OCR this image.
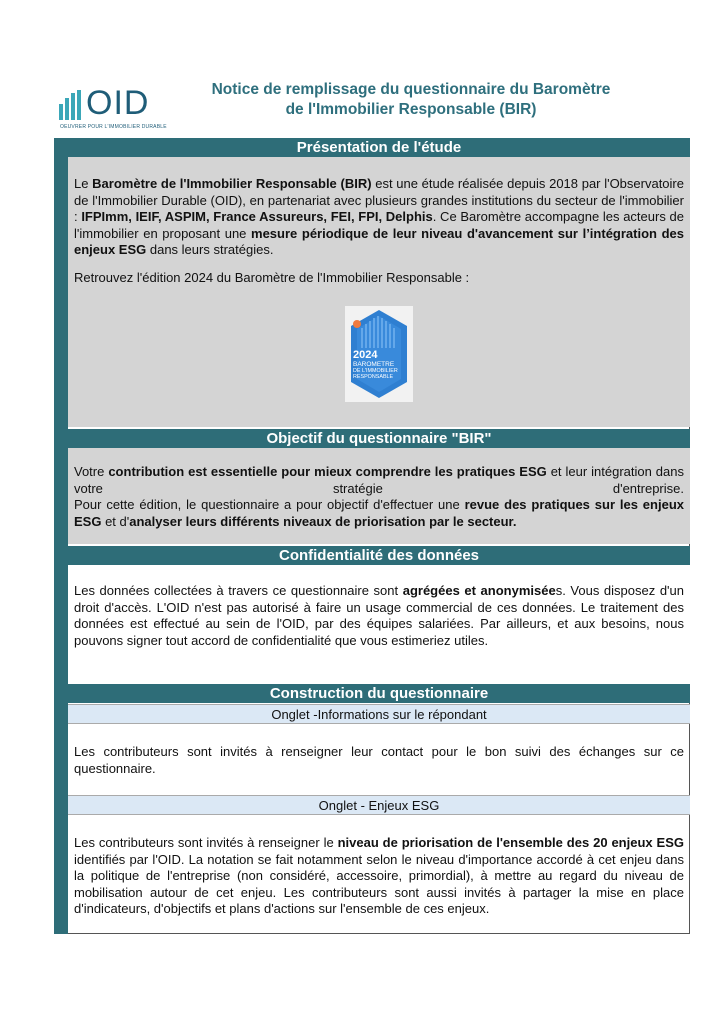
OID
OEUVRER POUR L'IMMOBILIER DURABLE
Notice de remplissage du questionnaire du Baromètre
de l'Immobilier Responsable (BIR)
Présentation de l'étude

Le Baromètre de l'Immobilier Responsable (BIR) est une étude réalisée depuis 2018 par l'Observatoire de l'Immobilier Durable (OID), en partenariat avec plusieurs grandes institutions du secteur de l'immobilier : IFPImm, IEIF, ASPIM, France Assureurs, FEI, FPI, Delphis. Ce Baromètre accompagne les acteurs de l'immobilier en proposant une mesure périodique de leur niveau d'avancement sur l’intégration des enjeux ESG dans leurs stratégies.

Retrouvez l'édition 2024 du Baromètre de l'Immobilier Responsable :

2024
BAROMETRE
DE L'IMMOBILIER
RESPONSABLE
Objectif du questionnaire "BIR"

Votre contribution est essentielle pour mieux comprendre les pratiques ESG et leur intégration dans votre stratégie d'entreprise.

Pour cette édition, le questionnaire a pour objectif d'effectuer une revue des pratiques sur les enjeux ESG et d'analyser leurs différents niveaux de priorisation par le secteur.

Confidentialité des données

Les données collectées à travers ce questionnaire sont agrégées et anonymisées. Vous disposez d'un droit d'accès. L'OID n'est pas autorisé à faire un usage commercial de ces données. Le traitement des données est effectué au sein de l'OID, par des équipes salariées. Par ailleurs, et aux besoins, nous pouvons signer tout accord de confidentialité que vous estimeriez utiles.

Construction du questionnaire
Onglet -Informations sur le répondant

Les contributeurs sont invités à renseigner leur contact pour le bon suivi des échanges sur ce questionnaire.

Onglet - Enjeux ESG

Les contributeurs sont invités à renseigner le niveau de priorisation de l'ensemble des 20 enjeux ESG identifiés par l'OID. La notation se fait notamment selon le niveau d'importance accordé à cet enjeu dans la politique de l'entreprise (non considéré, accessoire, primordial), à mettre au regard du niveau de mobilisation autour de cet enjeu. Les contributeurs sont aussi invités à partager la mise en place d'indicateurs, d'objectifs et plans d'actions sur l'ensemble de ces enjeux.
